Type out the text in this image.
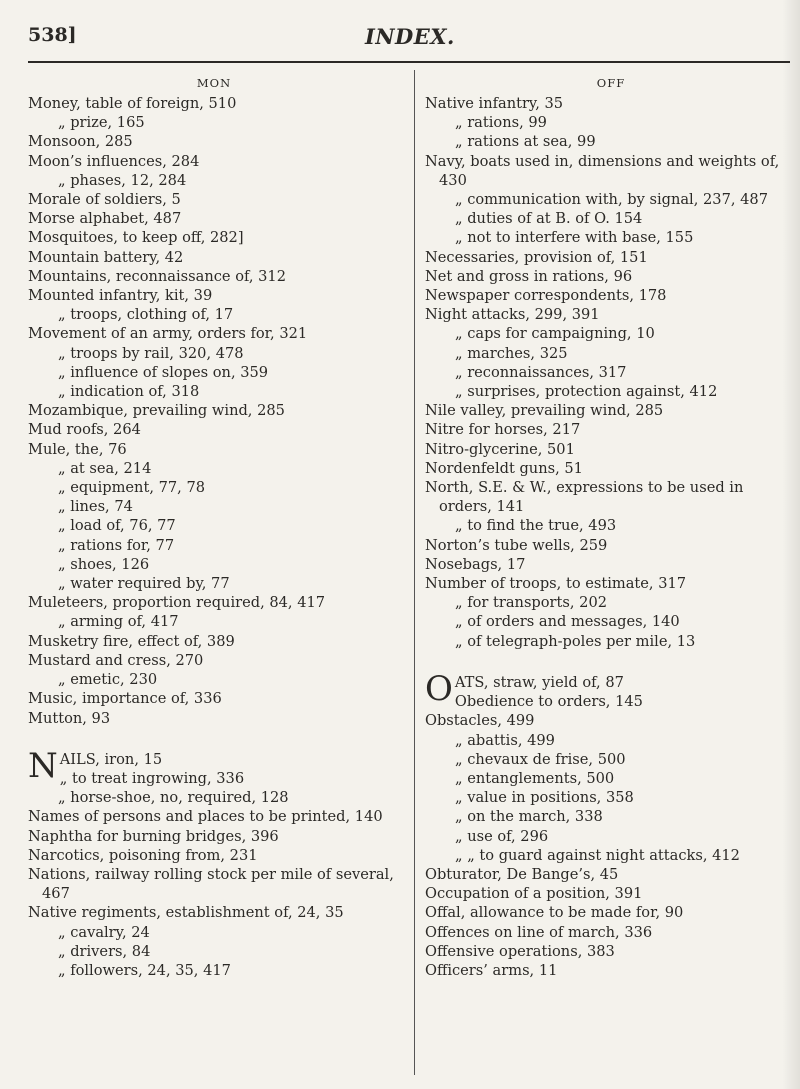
538]	INDEX.
MON
Money, table of foreign, 510
„ prize, 165
Monsoon, 285
Moon’s influences, 284
„ phases, 12, 284
Morale of soldiers, 5
Morse alphabet, 487
Mosquitoes, to keep off, 282]
Mountain battery, 42
Mountains, reconnaissance of, 312
Mounted infantry, kit, 39
„ troops, clothing of, 17
Movement of an army, orders for, 321
„ troops by rail, 320, 478
„ influence of slopes on, 359
„ indication of, 318
Mozambique, prevailing wind, 285
Mud roofs, 264
Mule, the, 76
„ at sea, 214
„ equipment, 77, 78
„ lines, 74
„ load of, 76, 77
„ rations for, 77
„ shoes, 126
„ water required by, 77
Muleteers, proportion required, 84, 417
„ arming of, 417
Musketry fire, effect of, 389
Mustard and cress, 270
„ emetic, 230
Music, importance of, 336
Mutton, 93
N AILS, iron, 15
„ to treat ingrowing, 336
„ horse-shoe, no, required, 128
Names of persons and places to be printed, 140
Naphtha for burning bridges, 396
Narcotics, poisoning from, 231
Nations, railway rolling stock per mile of several, 467
Native regiments, establishment of, 24, 35
„ cavalry, 24
„ drivers, 84
„ followers, 24, 35, 417
OFF
Native infantry, 35
„ rations, 99
„ rations at sea, 99
Navy, boats used in, dimensions and weights of, 430
„ communication with, by signal, 237, 487
„ duties of at B. of O. 154
„ not to interfere with base, 155
Necessaries, provision of, 151
Net and gross in rations, 96
Newspaper correspondents, 178
Night attacks, 299, 391
„ caps for campaigning, 10
„ marches, 325
„ reconnaissances, 317
„ surprises, protection against, 412
Nile valley, prevailing wind, 285
Nitre for horses, 217
Nitro-glycerine, 501
Nordenfeldt guns, 51
North, S.E. & W., expressions to be used in orders, 141
„ to find the true, 493
Norton’s tube wells, 259
Nosebags, 17
Number of troops, to estimate, 317
„ for transports, 202
„ of orders and messages, 140
„ of telegraph-poles per mile, 13
O ATS, straw, yield of, 87
Obedience to orders, 145
Obstacles, 499
„ abattis, 499
„ chevaux de frise, 500
„ entanglements, 500
„ value in positions, 358
„ on the march, 338
„ use of, 296
„ „ to guard against night attacks, 412
Obturator, De Bange’s, 45
Occupation of a position, 391
Offal, allowance to be made for, 90
Offences on line of march, 336
Offensive operations, 383
Officers’ arms, 11
